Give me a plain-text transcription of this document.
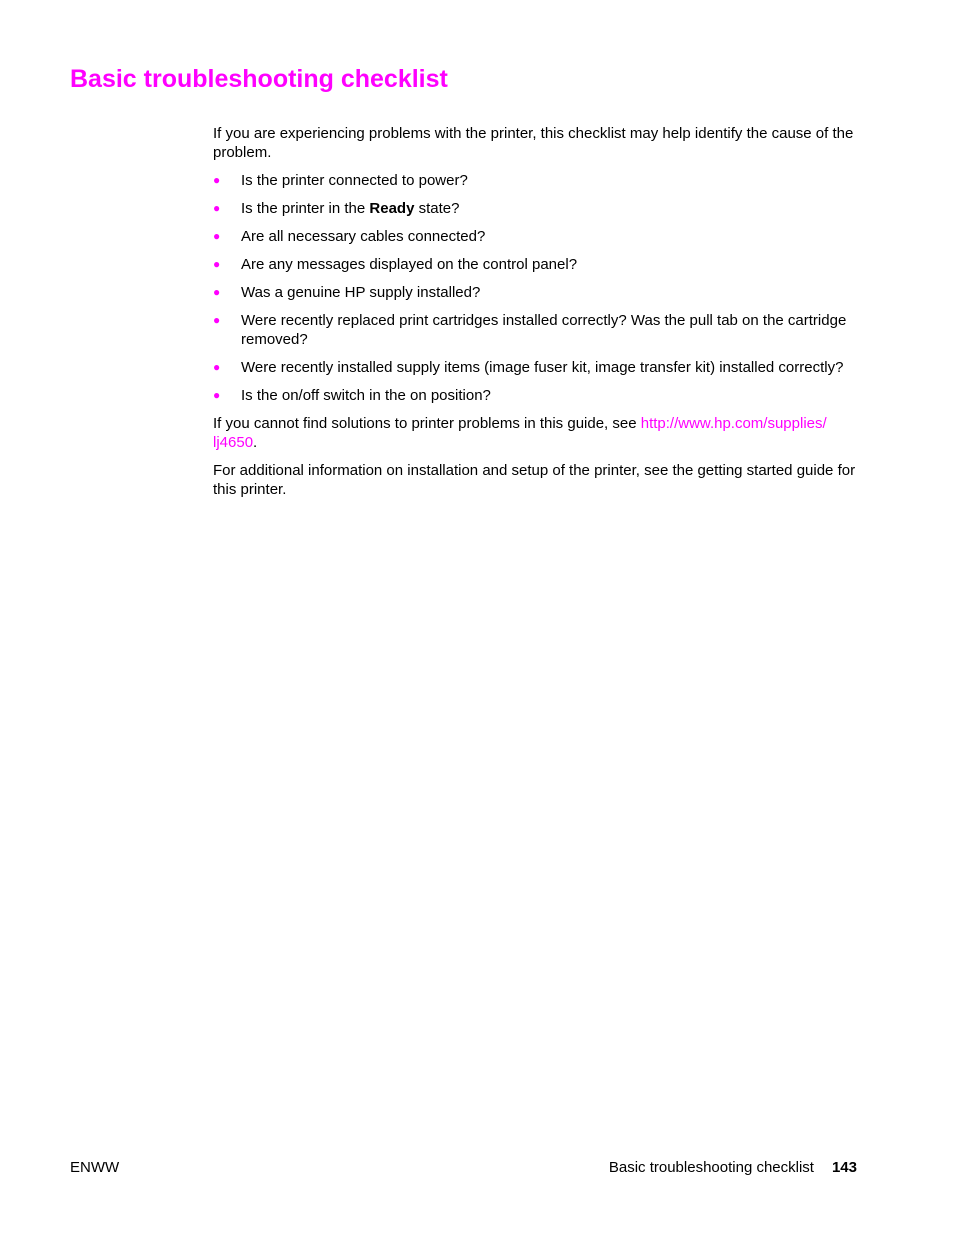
Basic troubleshooting checklist

If you are experiencing problems with the printer, this checklist may help identify the cause of the problem.

● Is the printer connected to power?
● Is the printer in the Ready state?
● Are all necessary cables connected?
● Are any messages displayed on the control panel?
● Was a genuine HP supply installed?
● Were recently replaced print cartridges installed correctly? Was the pull tab on the cartridge removed?
● Were recently installed supply items (image fuser kit, image transfer kit) installed correctly?
● Is the on/off switch in the on position?

If you cannot find solutions to printer problems in this guide, see http://www.hp.com/supplies/
lj4650.

For additional information on installation and setup of the printer, see the getting started guide for this printer.

ENWW	Basic troubleshooting checklist 143
